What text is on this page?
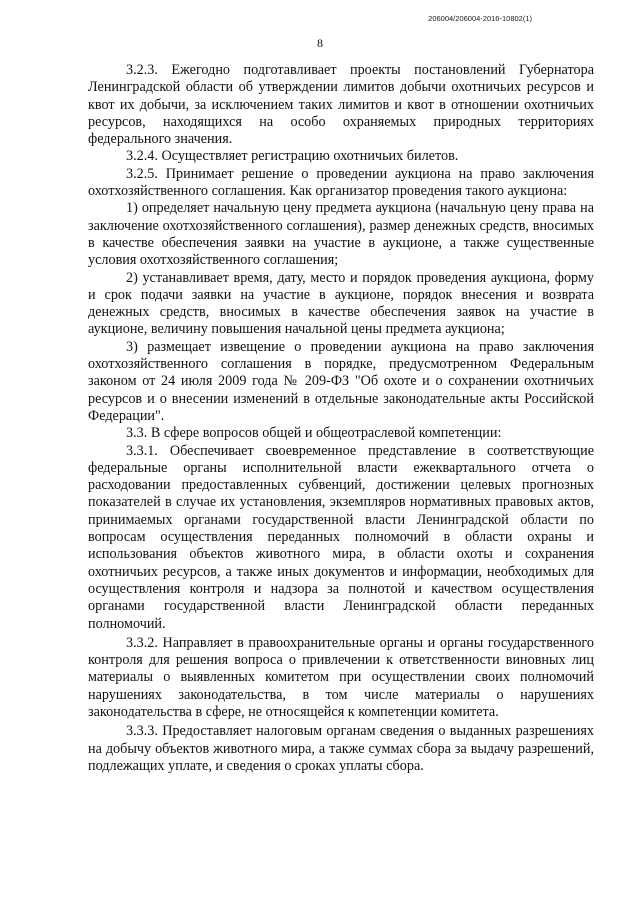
206004/206004-2016-10802(1)
8

3.2.3. Ежегодно подготавливает проекты постановлений Губернатора Ленинградской области об утверждении лимитов добычи охотничьих ресурсов и квот их добычи, за исключением таких лимитов и квот в отношении охотничьих ресурсов, находящихся на особо охраняемых природных территориях федерального значения.

3.2.4. Осуществляет регистрацию охотничьих билетов.

3.2.5. Принимает решение о проведении аукциона на право заключения охотхозяйственного соглашения. Как организатор проведения такого аукциона:

1) определяет начальную цену предмета аукциона (начальную цену права на заключение охотхозяйственного соглашения), размер денежных средств, вносимых в качестве обеспечения заявки на участие в аукционе, а также существенные условия охотхозяйственного соглашения;

2) устанавливает время, дату, место и порядок проведения аукциона, форму и срок подачи заявки на участие в аукционе, порядок внесения и возврата денежных средств, вносимых в качестве обеспечения заявок на участие в аукционе, величину повышения начальной цены предмета аукциона;

3) размещает извещение о проведении аукциона на право заключения охотхозяйственного соглашения в порядке, предусмотренном Федеральным законом от 24 июля 2009 года № 209-ФЗ "Об охоте и о сохранении охотничьих ресурсов и о внесении изменений в отдельные законодательные акты Российской Федерации".

3.3. В сфере вопросов общей и общеотраслевой компетенции:

3.3.1. Обеспечивает своевременное представление в соответствующие федеральные органы исполнительной власти ежеквартального отчета о расходовании предоставленных субвенций, достижении целевых прогнозных показателей в случае их установления, экземпляров нормативных правовых актов, принимаемых органами государственной власти Ленинградской области по вопросам осуществления переданных полномочий в области охраны и использования объектов животного мира, в области охоты и сохранения охотничьих ресурсов, а также иных документов и информации, необходимых для осуществления контроля и надзора за полнотой и качеством осуществления органами государственной власти Ленинградской области переданных полномочий.

3.3.2. Направляет в правоохранительные органы и органы государственного контроля для решения вопроса о привлечении к ответственности виновных лиц материалы о выявленных комитетом при осуществлении своих полномочий нарушениях законодательства, в том числе материалы о нарушениях законодательства в сфере, не относящейся к компетенции комитета.

3.3.3. Предоставляет налоговым органам сведения о выданных разрешениях на добычу объектов животного мира, а также суммах сбора за выдачу разрешений, подлежащих уплате, и сведения о сроках уплаты сбора.
